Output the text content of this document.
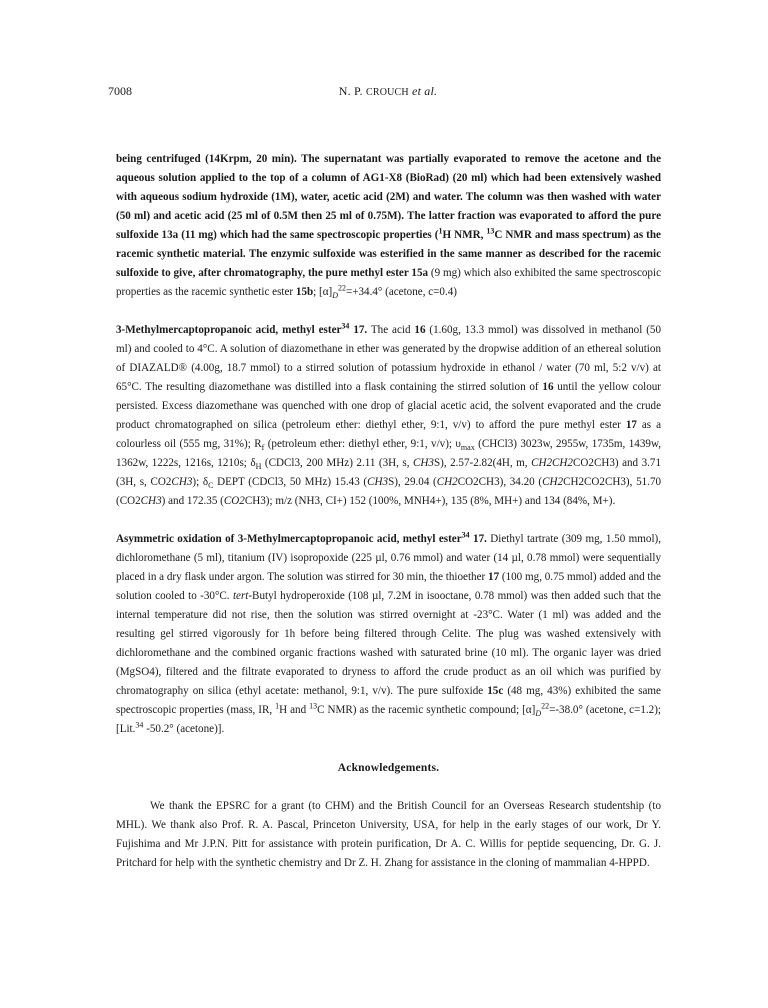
7008	N. P. CROUCH et al.

being centrifuged (14Krpm, 20 min). The supernatant was partially evaporated to remove the acetone and the aqueous solution applied to the top of a column of AG1-X8 (BioRad) (20 ml) which had been extensively washed with aqueous sodium hydroxide (1M), water, acetic acid (2M) and water. The column was then washed with water (50 ml) and acetic acid (25 ml of 0.5M then 25 ml of 0.75M). The latter fraction was evaporated to afford the pure sulfoxide 13a (11 mg) which had the same spectroscopic properties ($^1$H NMR, $^{13}$C NMR and mass spectrum) as the racemic synthetic material. The enzymic sulfoxide was esterified in the same manner as described for the racemic sulfoxide to give, after chromatography, the pure methyl ester 15a (9 mg) which also exhibited the same spectroscopic properties as the racemic synthetic ester 15b; $[\alpha]_D^{22}=+34.4^\circ$ (acetone, c=0.4)

3-Methylmercaptopropanoic acid, methyl ester$^{34}$ 17. The acid 16 (1.60g, 13.3 mmol) was dissolved in methanol (50 ml) and cooled to 4°C. A solution of diazomethane in ether was generated by the dropwise addition of an ethereal solution of DIAZALD® (4.00g, 18.7 mmol) to a stirred solution of potassium hydroxide in ethanol / water (70 ml, 5:2 v/v) at 65°C. The resulting diazomethane was distilled into a flask containing the stirred solution of 16 until the yellow colour persisted. Excess diazomethane was quenched with one drop of glacial acetic acid, the solvent evaporated and the crude product chromatographed on silica (petroleum ether: diethyl ether, 9:1, v/v) to afford the pure methyl ester 17 as a colourless oil (555 mg, 31%); $R_f$ (petroleum ether: diethyl ether, 9:1, v/v); $\upsilon_{max}$ (CHCl3) 3023w, 2955w, 1735m, 1439w, 1362w, 1222s, 1216s, 1210s; $\delta_H$ (CDCl3, 200 MHz) 2.11 (3H, s, CH3S), 2.57-2.82(4H, m, CH2CH2CO2CH3) and 3.71 (3H, s, CO2CH3); $\delta_C$ DEPT (CDCl3, 50 MHz) 15.43 (CH3S), 29.04 (CH2CO2CH3), 34.20 (CH2CH2CO2CH3), 51.70 (CO2CH3) and 172.35 (CO2CH3); m/z (NH3, CI+) 152 (100%, MNH4+), 135 (8%, MH+) and 134 (84%, M+).

Asymmetric oxidation of 3-Methylmercaptopropanoic acid, methyl ester$^{34}$ 17. Diethyl tartrate (309 mg, 1.50 mmol), dichloromethane (5 ml), titanium (IV) isopropoxide (225 µl, 0.76 mmol) and water (14 µl, 0.78 mmol) were sequentially placed in a dry flask under argon. The solution was stirred for 30 min, the thioether 17 (100 mg, 0.75 mmol) added and the solution cooled to -30°C. tert-Butyl hydroperoxide (108 µl, 7.2M in isooctane, 0.78 mmol) was then added such that the internal temperature did not rise, then the solution was stirred overnight at -23°C. Water (1 ml) was added and the resulting gel stirred vigorously for 1h before being filtered through Celite. The plug was washed extensively with dichloromethane and the combined organic fractions washed with saturated brine (10 ml). The organic layer was dried (MgSO4), filtered and the filtrate evaporated to dryness to afford the crude product as an oil which was purified by chromatography on silica (ethyl acetate: methanol, 9:1, v/v). The pure sulfoxide 15c (48 mg, 43%) exhibited the same spectroscopic properties (mass, IR, $^1$H and $^{13}$C NMR) as the racemic synthetic compound; $[\alpha]_D^{22}=-38.0^\circ$ (acetone, c=1.2); [Lit.$^{34}$ -50.2° (acetone)].

Acknowledgements.

We thank the EPSRC for a grant (to CHM) and the British Council for an Overseas Research studentship (to MHL). We thank also Prof. R. A. Pascal, Princeton University, USA, for help in the early stages of our work, Dr Y. Fujishima and Mr J.P.N. Pitt for assistance with protein purification, Dr A. C. Willis for peptide sequencing, Dr. G. J. Pritchard for help with the synthetic chemistry and Dr Z. H. Zhang for assistance in the cloning of mammalian 4-HPPD.
